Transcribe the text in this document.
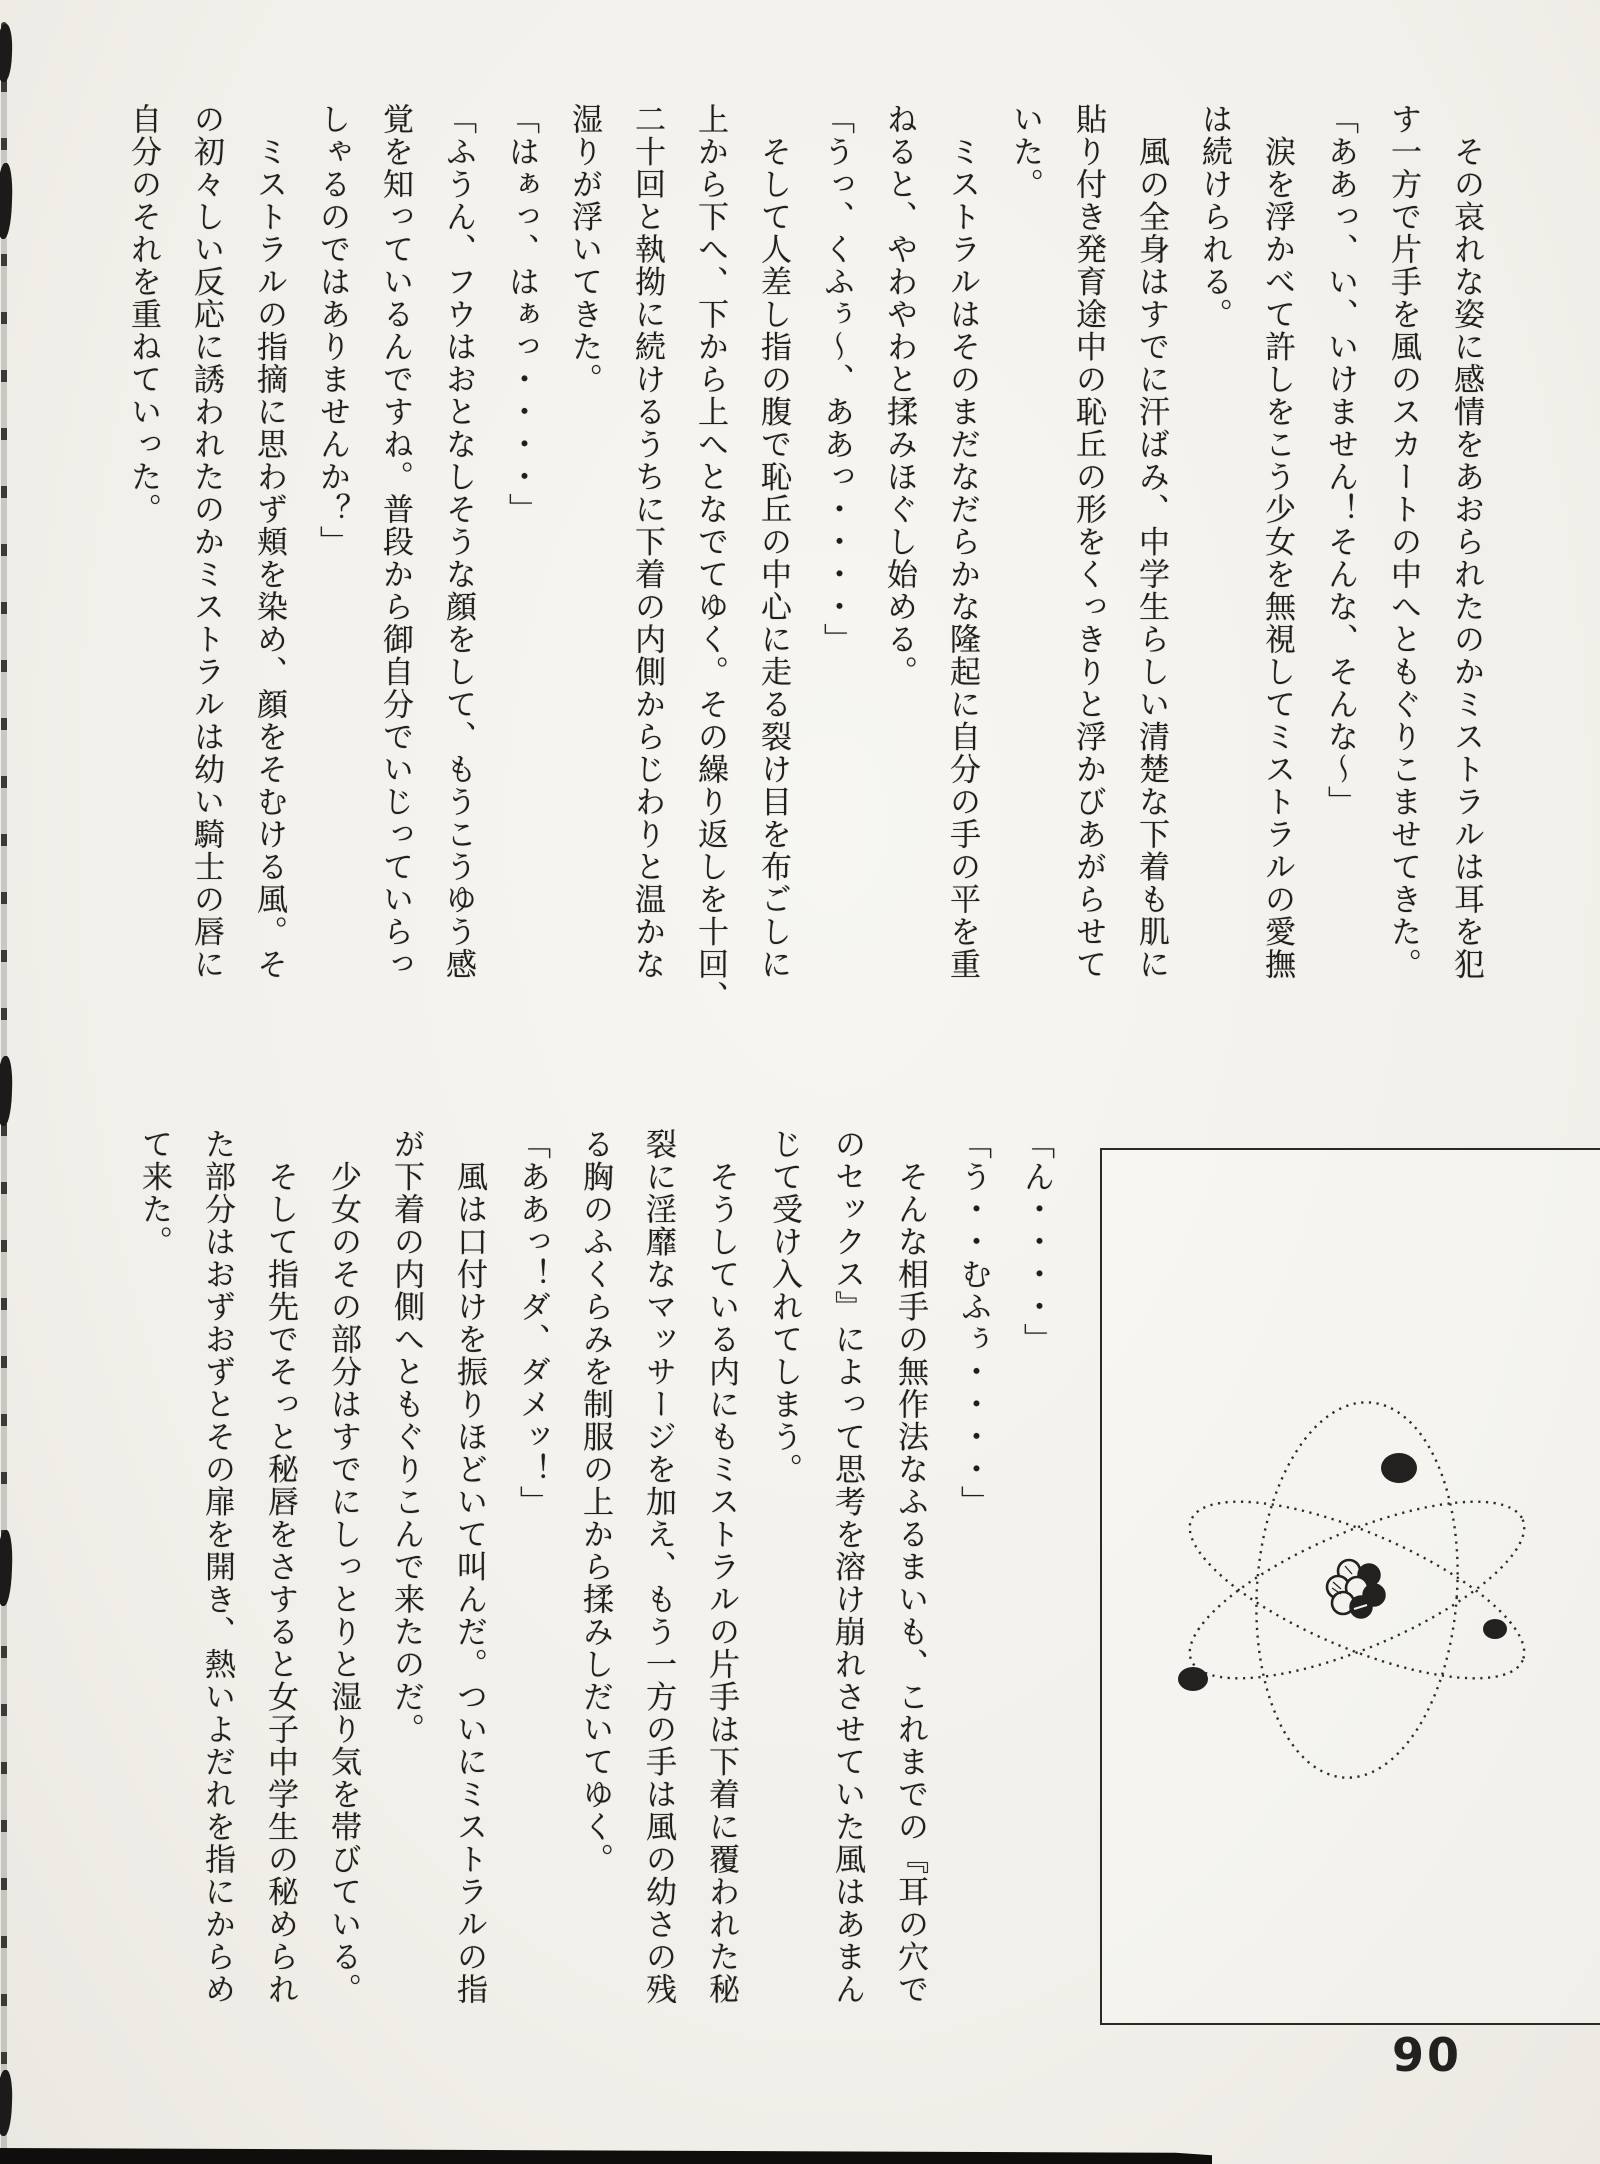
　その哀れな姿に感情をあおられたのかミストラルは耳を犯
す一方で片手を風のスカートの中へともぐりこませてきた。
「ああっ、い、いけません！そんな、そんな〜」
　涙を浮かべて許しをこう少女を無視してミストラルの愛撫
は続けられる。
　風の全身はすでに汗ばみ、中学生らしい清楚な下着も肌に
貼り付き発育途中の恥丘の形をくっきりと浮かびあがらせて
いた。
　ミストラルはそのまだなだらかな隆起に自分の手の平を重
ねると、やわやわと揉みほぐし始める。
「うっ、くふぅ〜、ああっ・・・・」
　そして人差し指の腹で恥丘の中心に走る裂け目を布ごしに
上から下へ、下から上へとなでてゆく。その繰り返しを十回、
二十回と執拗に続けるうちに下着の内側からじわりと温かな
湿りが浮いてきた。
「はぁっ、はぁっ・・・・」
「ふうん、フウはおとなしそうな顔をして、もうこうゆう感
覚を知っているんですね。普段から御自分でいじっていらっ
しゃるのではありませんか？」
　ミストラルの指摘に思わず頬を染め、顔をそむける風。そ
の初々しい反応に誘われたのかミストラルは幼い騎士の唇に
自分のそれを重ねていった。
「ん・・・・」
「う・・むふぅ・・・・」
　そんな相手の無作法なふるまいも、これまでの『耳の穴で
のセックス』によって思考を溶け崩れさせていた風はあまん
じて受け入れてしまう。
　そうしている内にもミストラルの片手は下着に覆われた秘
裂に淫靡なマッサージを加え、もう一方の手は風の幼さの残
る胸のふくらみを制服の上から揉みしだいてゆく。
「ああっ！ダ、ダメッ！」
　風は口付けを振りほどいて叫んだ。ついにミストラルの指
が下着の内側へともぐりこんで来たのだ。
　少女のその部分はすでにしっとりと湿り気を帯びている。
　そして指先でそっと秘唇をさすると女子中学生の秘められ
た部分はおずおずとその扉を開き、熱いよだれを指にからめ
て来た。
90
